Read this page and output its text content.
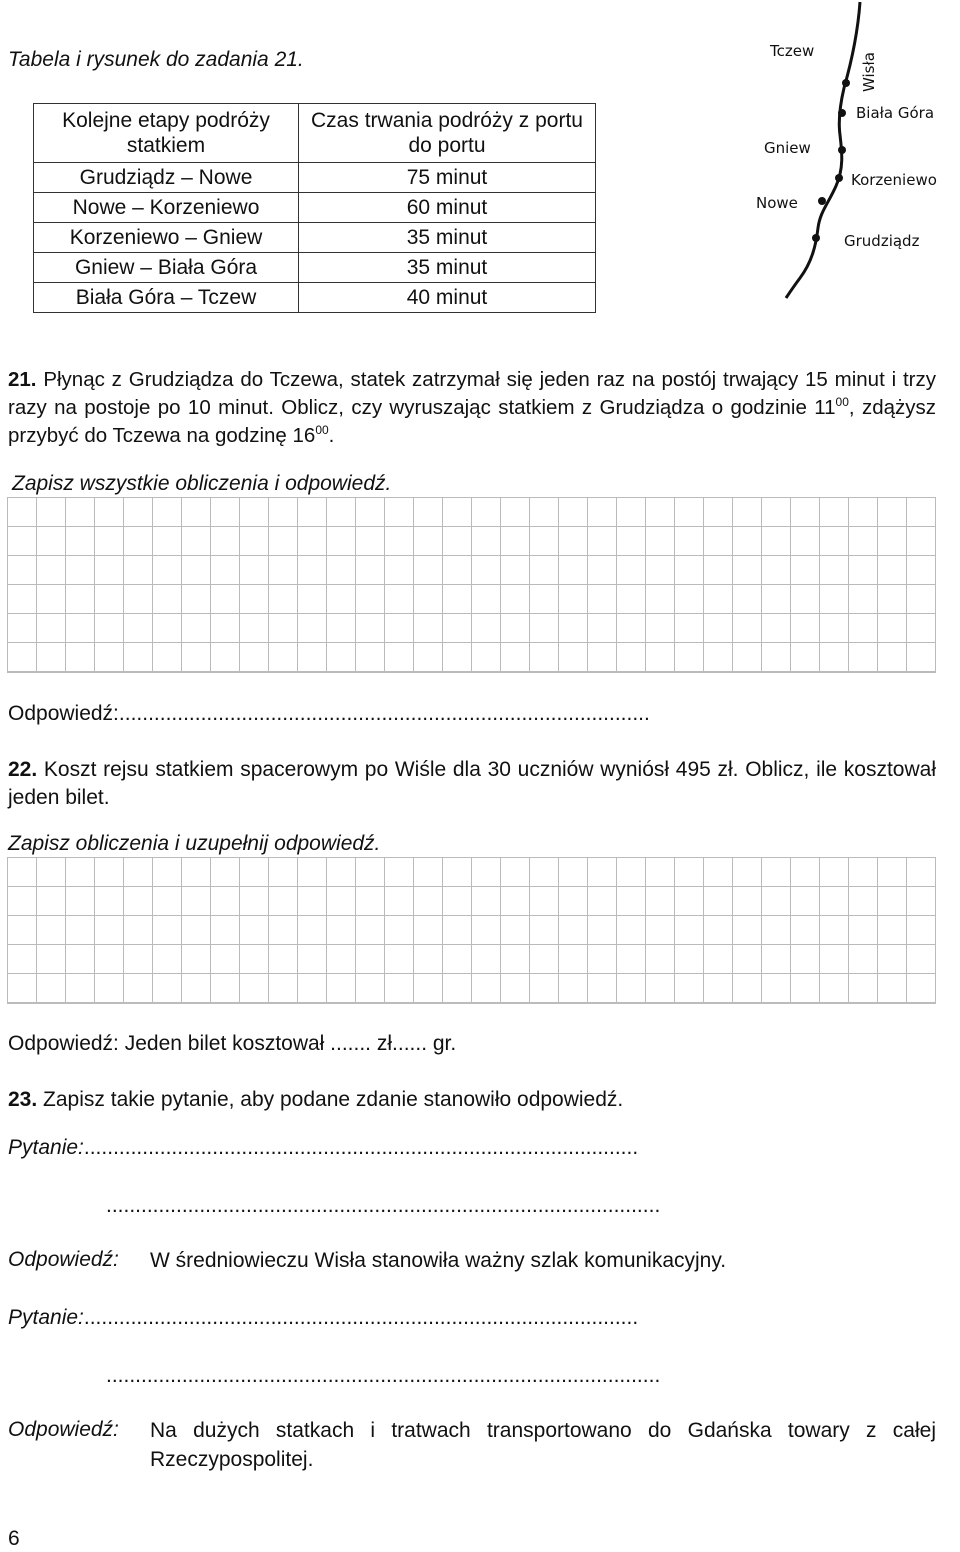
Tabela i rysunek do zadania 21.
Kolejne etapy podróży statkiem	Czas trwania podróży z portu do portu
Grudziądz – Nowe	75 minut
Nowe – Korzeniewo	60 minut
Korzeniewo – Gniew	35 minut
Gniew – Biała Góra	35 minut
Biała Góra – Tczew	40 minut
Tczew
Gniew
Nowe
Biała Góra
Korzeniewo
Grudziądz
Wisła
21. Płynąc z Grudziądza do Tczewa, statek zatrzymał się jeden raz na postój trwający 15 minut i trzy razy na postoje po 10 minut. Oblicz, czy wyruszając statkiem z Grudziądza o godzinie $11^{00}$, zdążysz przybyć do Tczewa na godzinę $16^{00}$.
Zapisz wszystkie obliczenia i odpowiedź.
Odpowiedź:...........................................................................................
22. Koszt rejsu statkiem spacerowym po Wiśle dla 30 uczniów wyniósł 495 zł. Oblicz, ile kosztował jeden bilet.
Zapisz obliczenia i uzupełnij odpowiedź.
Odpowiedź: Jeden bilet kosztował ....... zł...... gr.
23. Zapisz takie pytanie, aby podane zdanie stanowiło odpowiedź.
Pytanie:...............................................................................................
...............................................................................................
Odpowiedź:	W średniowieczu Wisła stanowiła ważny szlak komunikacyjny.
Pytanie:...............................................................................................
...............................................................................................
Odpowiedź:	Na dużych statkach i tratwach transportowano do Gdańska towary z całej Rzeczypospolitej.
6
